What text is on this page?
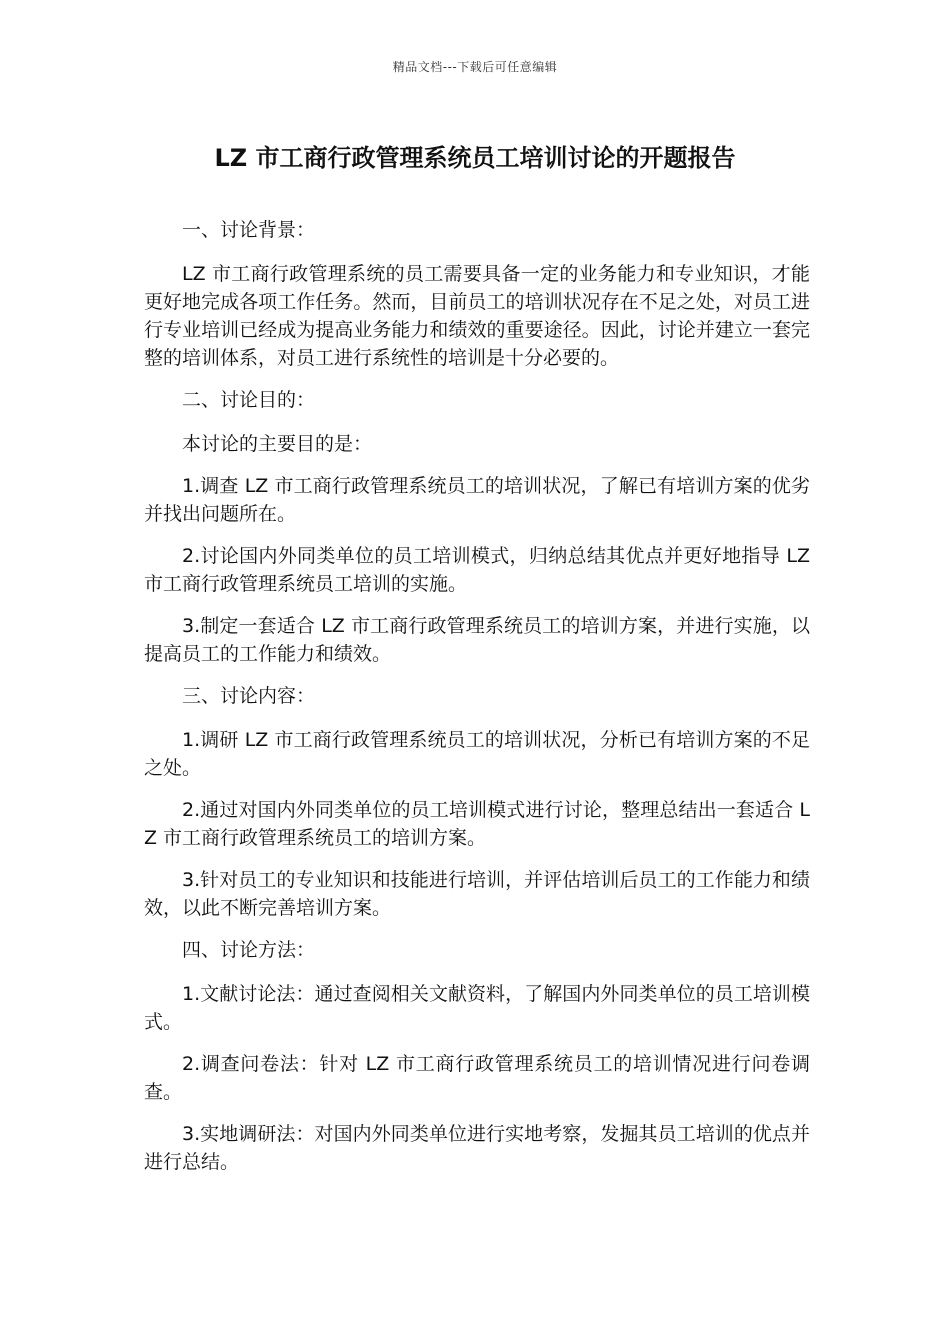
精品文档---下载后可任意编辑
LZ 市工商行政管理系统员工培训讨论的开题报告

一、讨论背景：

LZ 市工商行政管理系统的员工需要具备一定的业务能力和专业知识，才能更好地完成各项工作任务。然而，目前员工的培训状况存在不足之处，对员工进行专业培训已经成为提高业务能力和绩效的重要途径。因此，讨论并建立一套完整的培训体系，对员工进行系统性的培训是十分必要的。

二、讨论目的：

本讨论的主要目的是：

1.调查 LZ 市工商行政管理系统员工的培训状况，了解已有培训方案的优劣并找出问题所在。

2.讨论国内外同类单位的员工培训模式，归纳总结其优点并更好地指导 LZ 市工商行政管理系统员工培训的实施。

3.制定一套适合 LZ 市工商行政管理系统员工的培训方案，并进行实施，以提高员工的工作能力和绩效。

三、讨论内容：

1.调研 LZ 市工商行政管理系统员工的培训状况，分析已有培训方案的不足之处。

2.通过对国内外同类单位的员工培训模式进行讨论，整理总结出一套适合 LZ 市工商行政管理系统员工的培训方案。

3.针对员工的专业知识和技能进行培训，并评估培训后员工的工作能力和绩效，以此不断完善培训方案。

四、讨论方法：

1.文献讨论法：通过查阅相关文献资料，了解国内外同类单位的员工培训模式。

2.调查问卷法：针对 LZ 市工商行政管理系统员工的培训情况进行问卷调查。

3.实地调研法：对国内外同类单位进行实地考察，发掘其员工培训的优点并进行总结。
